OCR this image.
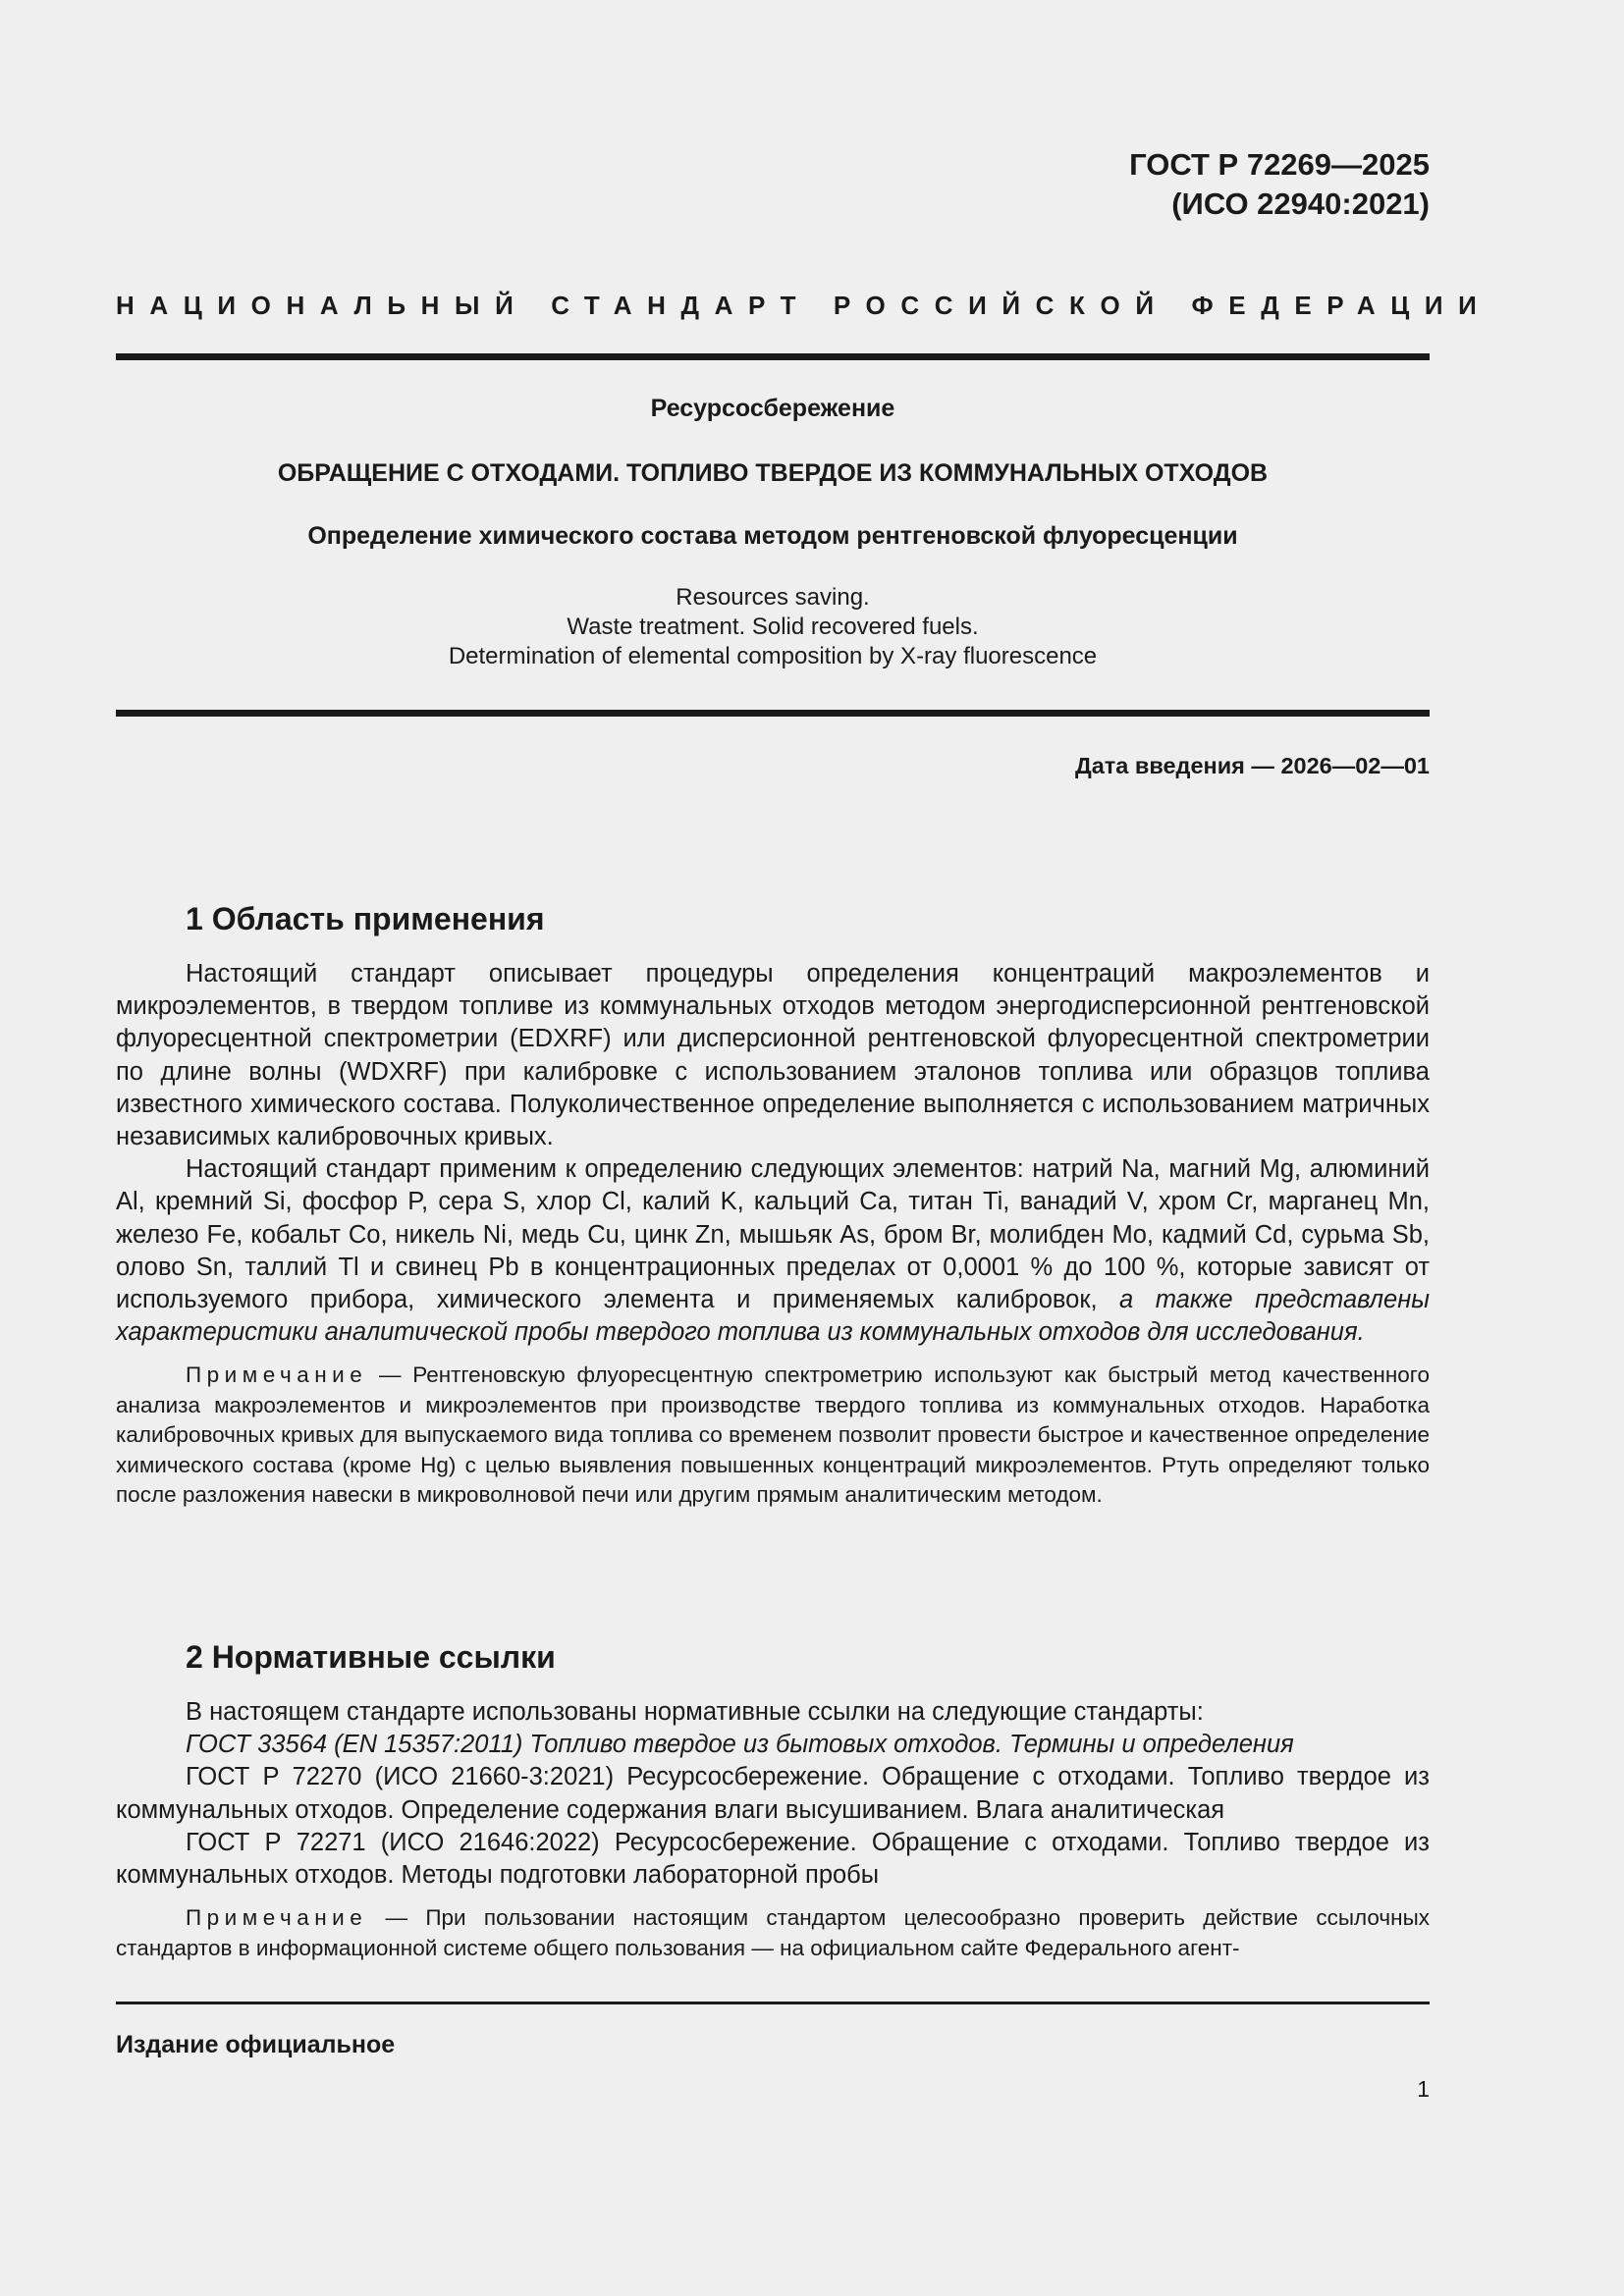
ГОСТ Р 72269—2025
(ИСО 22940:2021)
НАЦИОНАЛЬНЫЙ СТАНДАРТ РОССИЙСКОЙ ФЕДЕРАЦИИ
Ресурсосбережение
ОБРАЩЕНИЕ С ОТХОДАМИ. ТОПЛИВО ТВЕРДОЕ ИЗ КОММУНАЛЬНЫХ ОТХОДОВ
Определение химического состава методом рентгеновской флуоресценции
Resources saving.
Waste treatment. Solid recovered fuels.
Determination of elemental composition by X-ray fluorescence
Дата введения — 2026—02—01
1 Область применения

Настоящий стандарт описывает процедуры определения концентраций макроэлементов и микроэлементов, в твердом топливе из коммунальных отходов методом энергодисперсионной рентгеновской флуоресцентной спектрометрии (EDXRF) или дисперсионной рентгеновской флуоресцентной спектрометрии по длине волны (WDXRF) при калибровке с использованием эталонов топлива или образцов топлива известного химического состава. Полуколичественное определение выполняется с использованием матричных независимых калибровочных кривых.

Настоящий стандарт применим к определению следующих элементов: натрий Na, магний Mg, алюминий Al, кремний Si, фосфор P, сера S, хлор Cl, калий K, кальций Ca, титан Ti, ванадий V, хром Cr, марганец Mn, железо Fe, кобальт Co, никель Ni, медь Cu, цинк Zn, мышьяк As, бром Br, молибден Mo, кадмий Cd, сурьма Sb, олово Sn, таллий Tl и свинец Pb в концентрационных пределах от 0,0001 % до 100 %, которые зависят от используемого прибора, химического элемента и применяемых калибровок, а также представлены характеристики аналитической пробы твердого топлива из коммунальных отходов для исследования.

Примечание — Рентгеновскую флуоресцентную спектрометрию используют как быстрый метод качественного анализа макроэлементов и микроэлементов при производстве твердого топлива из коммунальных отходов. Наработка калибровочных кривых для выпускаемого вида топлива со временем позволит провести быстрое и качественное определение химического состава (кроме Hg) с целью выявления повышенных концентраций микроэлементов. Ртуть определяют только после разложения навески в микроволновой печи или другим прямым аналитическим методом.

2 Нормативные ссылки

В настоящем стандарте использованы нормативные ссылки на следующие стандарты:

ГОСТ 33564 (EN 15357:2011) Топливо твердое из бытовых отходов. Термины и определения

ГОСТ Р 72270 (ИСО 21660-3:2021) Ресурсосбережение. Обращение с отходами. Топливо твердое из коммунальных отходов. Определение содержания влаги высушиванием. Влага аналитическая

ГОСТ Р 72271 (ИСО 21646:2022) Ресурсосбережение. Обращение с отходами. Топливо твердое из коммунальных отходов. Методы подготовки лабораторной пробы

Примечание — При пользовании настоящим стандартом целесообразно проверить действие ссылочных стандартов в информационной системе общего пользования — на официальном сайте Федерального агент-

Издание официальное
1
